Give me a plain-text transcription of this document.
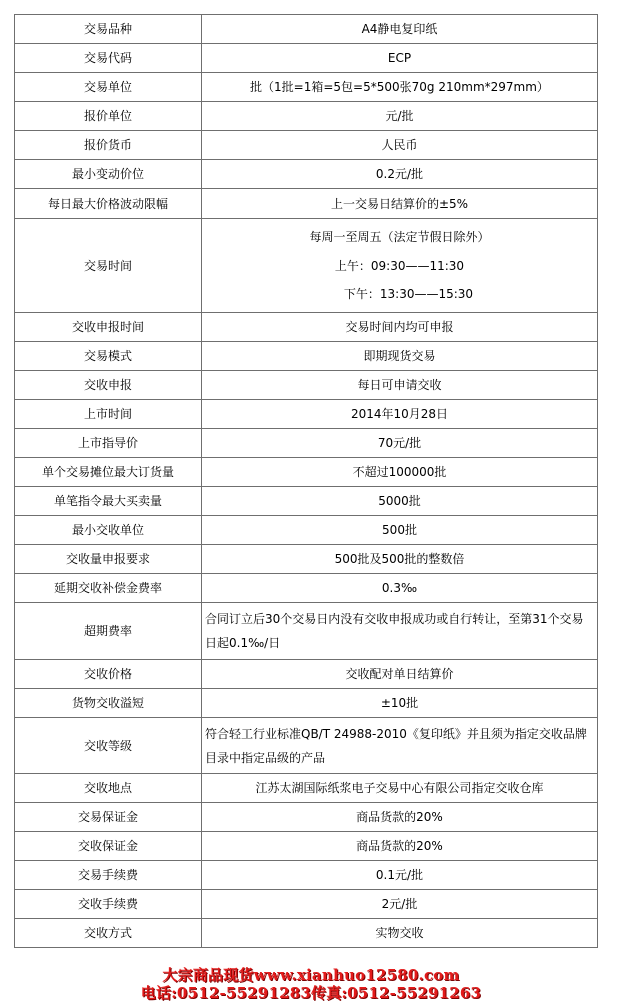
交易品种	A4静电复印纸
交易代码	ECP
交易单位	批（1批=1箱=5包=5*500张70g 210mm*297mm）
报价单位	元/批
报价货币	人民币
最小变动价位	0.2元/批
每日最大价格波动限幅	上一交易日结算价的±5%
交易时间	每周一至周五（法定节假日除外）
上午：09:30——11:30
下午：13:30——15:30

交收申报时间	交易时间内均可申报
交易模式	即期现货交易
交收申报	每日可申请交收
上市时间	2014年10月28日
上市指导价	70元/批
单个交易摊位最大订货量	不超过100000批
单笔指令最大买卖量	5000批
最小交收单位	500批
交收量申报要求	500批及500批的整数倍
延期交收补偿金费率	0.3‰
超期费率	合同订立后30个交易日内没有交收申报成功或自行转让，至第31个交易日起0.1‰/日
交收价格	交收配对单日结算价
货物交收溢短	±10批
交收等级	符合轻工行业标准QB/T 24988-2010《复印纸》并且须为指定交收品牌目录中指定品级的产品
交收地点	江苏太湖国际纸浆电子交易中心有限公司指定交收仓库
交易保证金	商品货款的20%
交收保证金	商品货款的20%
交易手续费	0.1元/批
交收手续费	2元/批
交收方式	实物交收
大宗商品现货www.xianhuo12580.com
电话:0512-55291283传真:0512-55291263
